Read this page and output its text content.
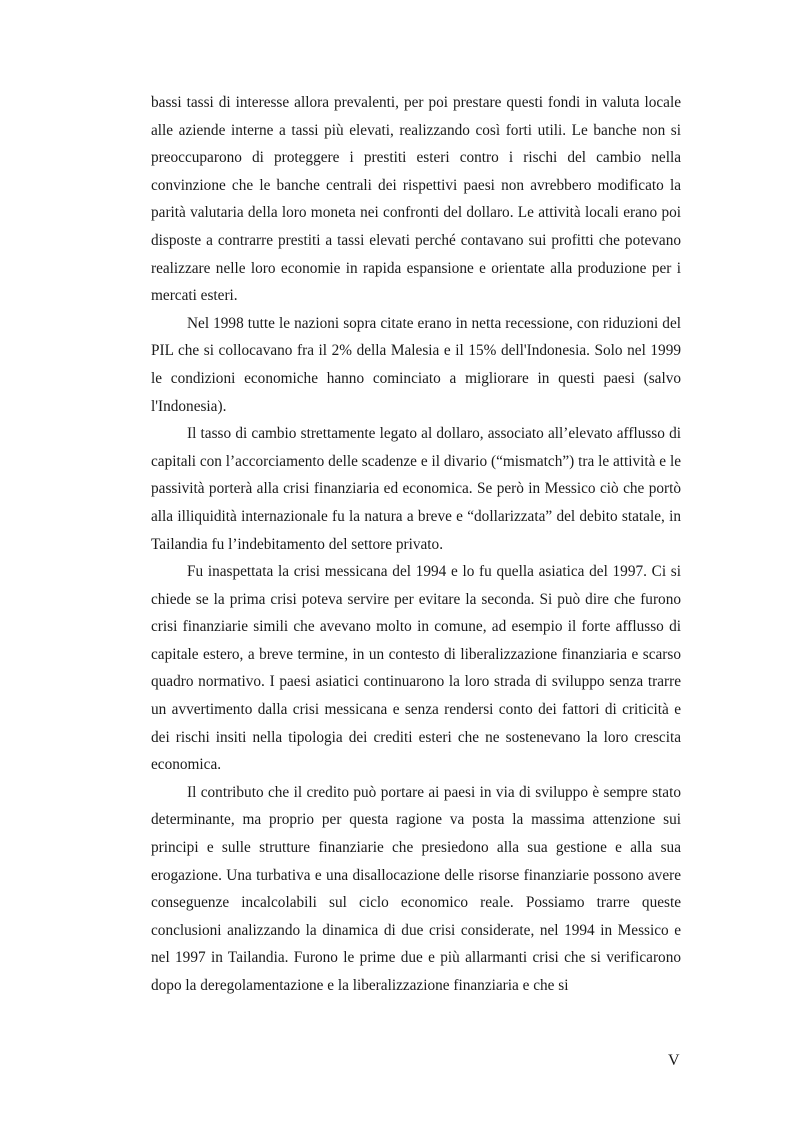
bassi tassi di interesse allora prevalenti, per poi prestare questi fondi in valuta locale alle aziende interne a tassi più elevati, realizzando così forti utili. Le banche non si preoccuparono di proteggere i prestiti esteri contro i rischi del cambio nella convinzione che le banche centrali dei rispettivi paesi non avrebbero modificato la parità valutaria della loro moneta nei confronti del dollaro. Le attività locali erano poi disposte a contrarre prestiti a tassi elevati perché contavano sui profitti che potevano realizzare nelle loro economie in rapida espansione e orientate alla produzione per i mercati esteri.

Nel 1998 tutte le nazioni sopra citate erano in netta recessione, con riduzioni del PIL che si collocavano fra il 2% della Malesia e il 15% dell'Indonesia. Solo nel 1999 le condizioni economiche hanno cominciato a migliorare in questi paesi (salvo l'Indonesia).

Il tasso di cambio strettamente legato al dollaro, associato all’elevato afflusso di capitali con l’accorciamento delle scadenze e il divario (“mismatch”) tra le attività e le passività porterà alla crisi finanziaria ed economica. Se però in Messico ciò che portò alla illiquidità internazionale fu la natura a breve e “dollarizzata” del debito statale, in Tailandia fu l’indebitamento del settore privato.

Fu inaspettata la crisi messicana del 1994 e lo fu quella asiatica del 1997. Ci si chiede se la prima crisi poteva servire per evitare la seconda. Si può dire che furono crisi finanziarie simili che avevano molto in comune, ad esempio il forte afflusso di capitale estero, a breve termine, in un contesto di liberalizzazione finanziaria e scarso quadro normativo. I paesi asiatici continuarono la loro strada di sviluppo senza trarre un avvertimento dalla crisi messicana e senza rendersi conto dei fattori di criticità e dei rischi insiti nella tipologia dei crediti esteri che ne sostenevano la loro crescita economica.

Il contributo che il credito può portare ai paesi in via di sviluppo è sempre stato determinante, ma proprio per questa ragione va posta la massima attenzione sui principi e sulle strutture finanziarie che presiedono alla sua gestione e alla sua erogazione. Una turbativa e una disallocazione delle risorse finanziarie possono avere conseguenze incalcolabili sul ciclo economico reale. Possiamo trarre queste conclusioni analizzando la dinamica di due crisi considerate, nel 1994 in Messico e nel 1997 in Tailandia. Furono le prime due e più allarmanti crisi che si verificarono dopo la deregolamentazione e la liberalizzazione finanziaria e che si

V
